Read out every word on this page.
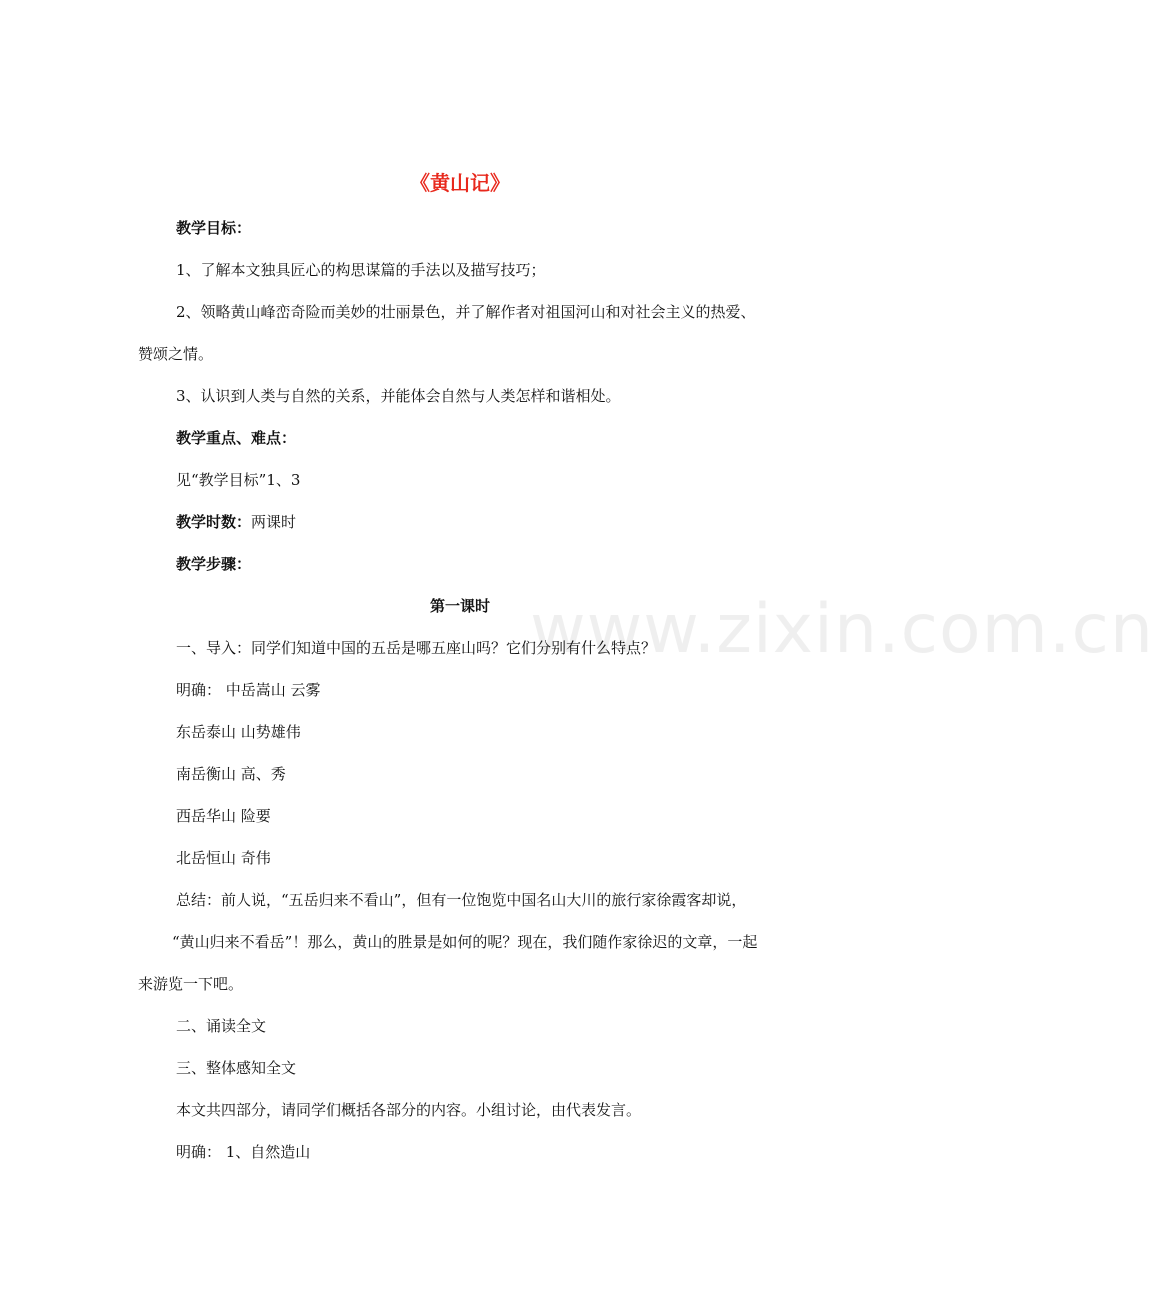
www.zixin.com.cn
《黄山记》
教学目标：
1、了解本文独具匠心的构思谋篇的手法以及描写技巧；
2、领略黄山峰峦奇险而美妙的壮丽景色，并了解作者对祖国河山和对社会主义的热爱、
赞颂之情。
3、认识到人类与自然的关系，并能体会自然与人类怎样和谐相处。
教学重点、难点：
见“教学目标”1、3
教学时数：两课时
教学步骤：
第一课时
一、导入：同学们知道中国的五岳是哪五座山吗？它们分别有什么特点？
明确： 中岳嵩山 云雾
东岳泰山 山势雄伟
南岳衡山 高、秀
西岳华山 险要
北岳恒山 奇伟
总结：前人说，“五岳归来不看山”，但有一位饱览中国名山大川的旅行家徐霞客却说，
“黄山归来不看岳”！那么，黄山的胜景是如何的呢？现在，我们随作家徐迟的文章，一起
来游览一下吧。
二、诵读全文
三、整体感知全文
本文共四部分，请同学们概括各部分的内容。小组讨论，由代表发言。
明确： 1、自然造山
